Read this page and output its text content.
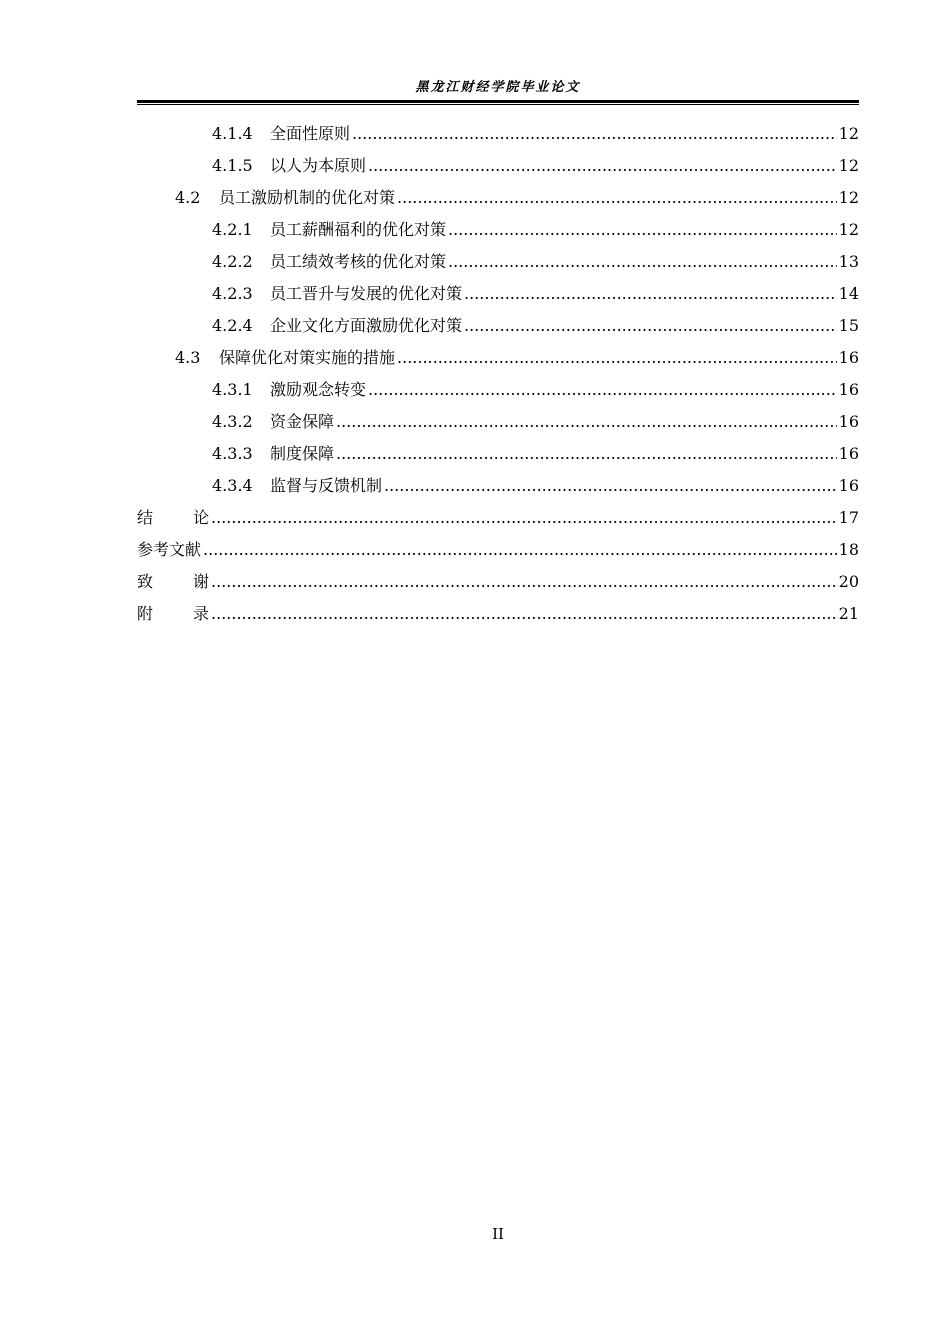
黑龙江财经学院毕业论文
4.1.4	全面性原则 .....	12
4.1.5	以人为本原则 .....	12
4.2	员工激励机制的优化对策 .....	12
4.2.1	员工薪酬福利的优化对策 .....	12
4.2.2	员工绩效考核的优化对策 .....	13
4.2.3	员工晋升与发展的优化对策 .....	14
4.2.4	企业文化方面激励优化对策 .....	15
4.3	保障优化对策实施的措施 .....	16
4.3.1	激励观念转变 .....	16
4.3.2	资金保障 .....	16
4.3.3	制度保障 .....	16
4.3.4	监督与反馈机制 .....	16
结论 .....	17
参考文献 .....	18
致谢 .....	20
附录 .....	21
II
